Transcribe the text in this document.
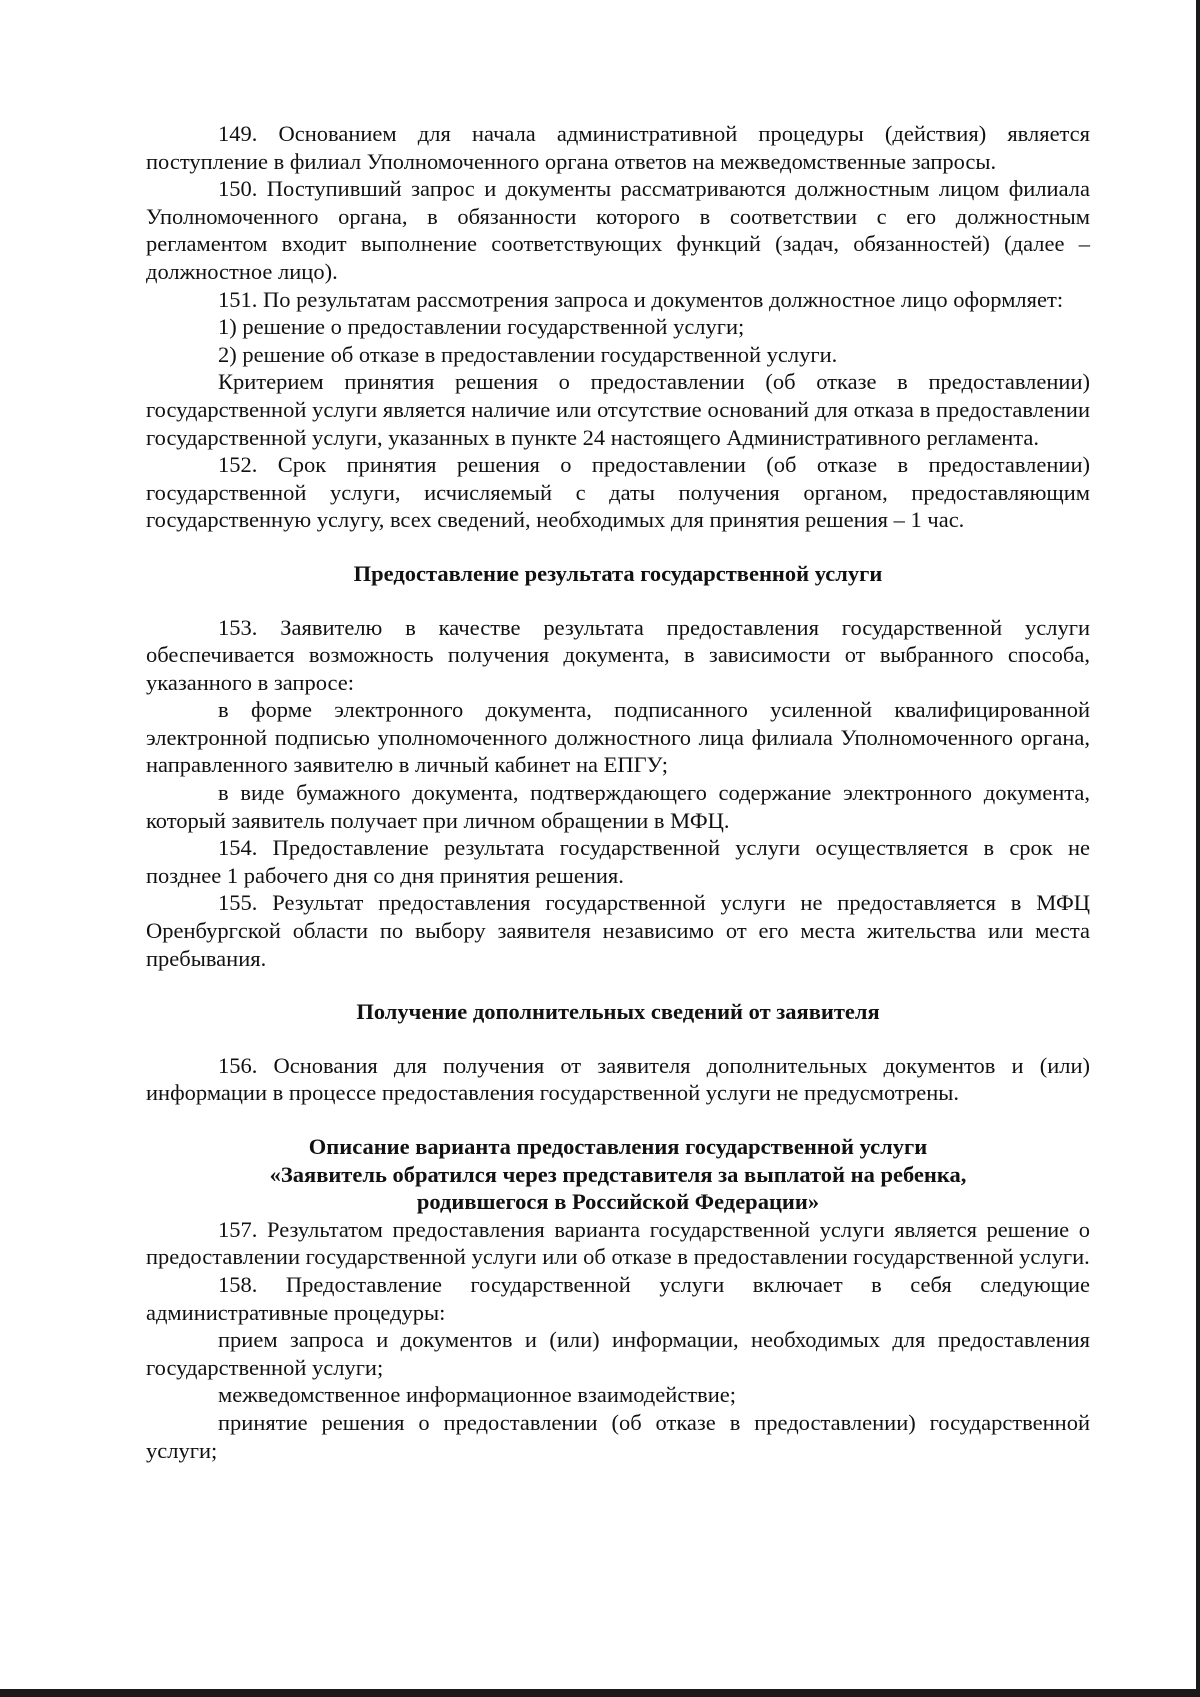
149. Основанием для начала административной процедуры (действия) является поступление в филиал Уполномоченного органа ответов на межведомственные запросы.

150. Поступивший запрос и документы рассматриваются должностным лицом филиала Уполномоченного органа, в обязанности которого в соответствии с его должностным регламентом входит выполнение соответствующих функций (задач, обязанностей) (далее – должностное лицо).

151. По результатам рассмотрения запроса и документов должностное лицо оформляет:

1) решение о предоставлении государственной услуги;

2) решение об отказе в предоставлении государственной услуги.

Критерием принятия решения о предоставлении (об отказе в предоставлении) государственной услуги является наличие или отсутствие оснований для отказа в предоставлении государственной услуги, указанных в пункте 24 настоящего Административного регламента.

152. Срок принятия решения о предоставлении (об отказе в предоставлении) государственной услуги, исчисляемый с даты получения органом, предоставляющим государственную услугу, всех сведений, необходимых для принятия решения – 1 час.

Предоставление результата государственной услуги

153. Заявителю в качестве результата предоставления государственной услуги обеспечивается возможность получения документа, в зависимости от выбранного способа, указанного в запросе:

в форме электронного документа, подписанного усиленной квалифицированной электронной подписью уполномоченного должностного лица филиала Уполномоченного органа, направленного заявителю в личный кабинет на ЕПГУ;

в виде бумажного документа, подтверждающего содержание электронного документа, который заявитель получает при личном обращении в МФЦ.

154. Предоставление результата государственной услуги осуществляется в срок не позднее 1 рабочего дня со дня принятия решения.

155. Результат предоставления государственной услуги не предоставляется в МФЦ Оренбургской области по выбору заявителя независимо от его места жительства или места пребывания.

Получение дополнительных сведений от заявителя

156. Основания для получения от заявителя дополнительных документов и (или) информации в процессе предоставления государственной услуги не предусмотрены.

Описание варианта предоставления государственной услуги

«Заявитель обратился через представителя за выплатой на ребенка,

родившегося в Российской Федерации»

157. Результатом предоставления варианта государственной услуги является решение о предоставлении государственной услуги или об отказе в предоставлении государственной услуги.

158. Предоставление государственной услуги включает в себя следующие административные процедуры:

прием запроса и документов и (или) информации, необходимых для предоставления государственной услуги;

межведомственное информационное взаимодействие;

принятие решения о предоставлении (об отказе в предоставлении) государственной услуги;
